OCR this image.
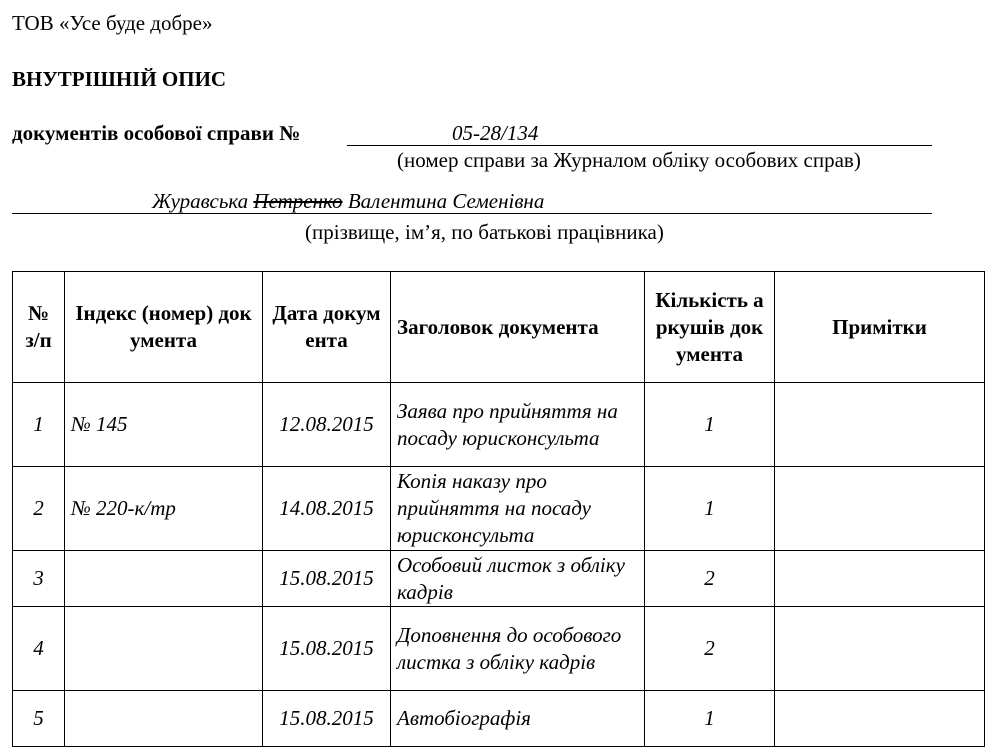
ТОВ «Усе буде добре»
ВНУТРІШНІЙ ОПИС
документів особової справи №	05-28/134
(номер справи за Журналом обліку особових справ)
Журавська Петренко Валентина Семенівна
(прізвище, ім’я, по батькові працівника)
№ з/п	Індекс (номер) документа	Дата документа	Заголовок документа	Кількість аркушів документа	Примітки
1	№ 145	12.08.2015	Заява про прийняття на посаду юрисконсульта	1	
2	№ 220-к/тр	14.08.2015	Копія наказу про прийняття на посаду юрисконсульта	1	
3		15.08.2015	Особовий листок з обліку кадрів	2	
4		15.08.2015	Доповнення до особового листка з обліку кадрів	2	
5		15.08.2015	Автобіографія	1	
